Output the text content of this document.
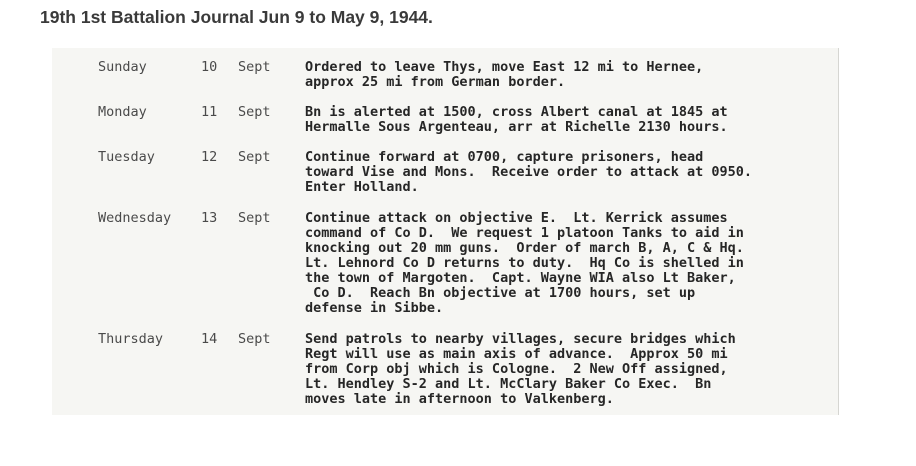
19th 1st Battalion Journal Jun 9 to May 9, 1944.
Sunday	10 Sept	Ordered to leave Thys, move East 12 mi to Hernee,
approx 25 mi from German border.
Monday	11 Sept	Bn is alerted at 1500, cross Albert canal at 1845 at
Hermalle Sous Argenteau, arr at Richelle 2130 hours.
Tuesday	12 Sept	Continue forward at 0700, capture prisoners, head
toward Vise and Mons.  Receive order to attack at 0950.
Enter Holland.
Wednesday 13 Sept	Continue attack on objective E.  Lt. Kerrick assumes
command of Co D.  We request 1 platoon Tanks to aid in
knocking out 20 mm guns.  Order of march B, A, C & Hq.
Lt. Lehnord Co D returns to duty.  Hq Co is shelled in
the town of Margoten.  Capt. Wayne WIA also Lt Baker,
Co D.  Reach Bn objective at 1700 hours, set up
defense in Sibbe.
Thursday	14 Sept	Send patrols to nearby villages, secure bridges which
Regt will use as main axis of advance.  Approx 50 mi
from Corp obj which is Cologne.  2 New Off assigned,
Lt. Hendley S-2 and Lt. McClary Baker Co Exec.  Bn
moves late in afternoon to Valkenberg.
